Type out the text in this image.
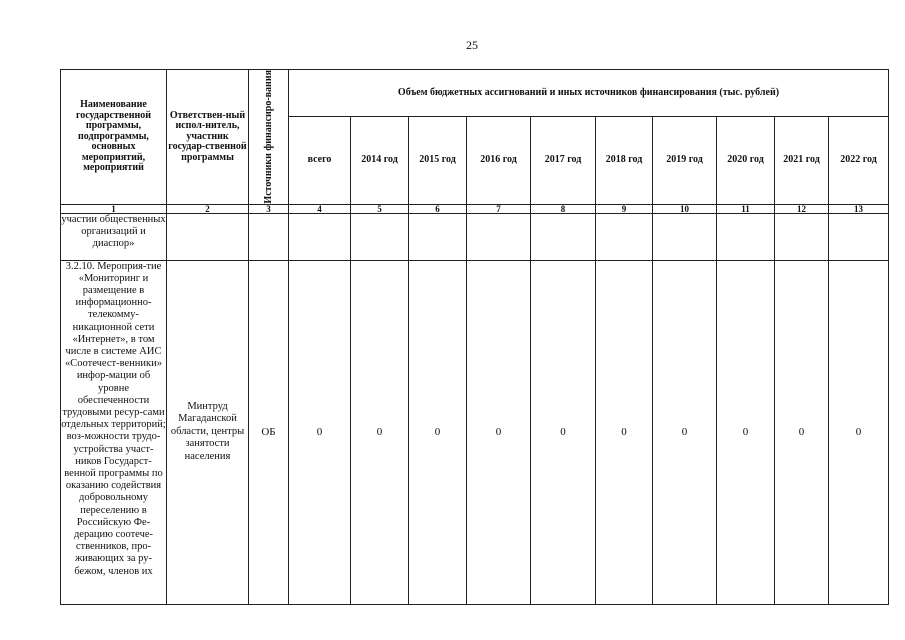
25
Наименование государственной программы, подпрограммы, основных мероприятий, мероприятий	Ответствен-ный испол-нитель, участник государ-ственной программы	Источники финансиро-вания	Объем бюджетных ассигнований и иных источников финансирования (тыс. рублей)									
			всего	2014 год	2015 год	2016 год	2017 год	2018 год	2019 год	2020 год	2021 год	2022 год
1	2	3	4	5	6	7	8	9	10	11	12	13
участии общественных организаций и диаспор»												
3.2.10. Мероприя-тие «Мониторинг и размещение в информационно-телекомму-никационной сети «Интернет», в том числе в системе АИС «Соотечест-венники» инфор-мации об уровне обеспеченности трудовыми ресур-сами отдельных территорий; воз-можности трудо-устройства участ-ников Государст-венной программы по оказанию содействия добровольному переселению в Российскую Фе-дерацию соотече-ственников, про-живающих за ру-бежом, членов их	Минтруд Магаданской области, центры занятости населения	ОБ	0	0	0	0	0	0	0	0	0	0
